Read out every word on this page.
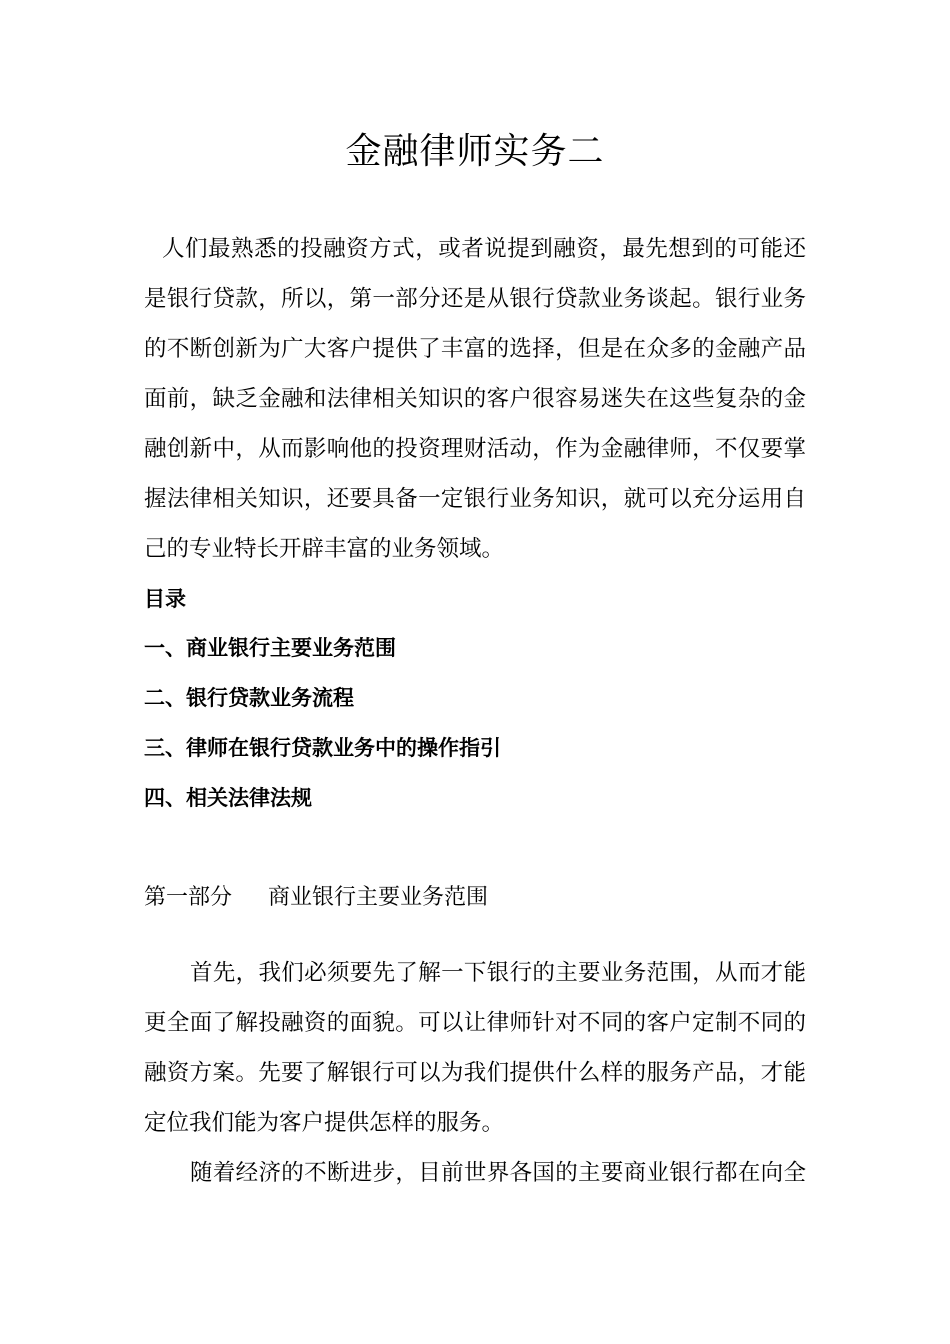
金融律师实务二
人们最熟悉的投融资方式，或者说提到融资，最先想到的可能还
是银行贷款，所以，第一部分还是从银行贷款业务谈起。银行业务
的不断创新为广大客户提供了丰富的选择，但是在众多的金融产品
面前，缺乏金融和法律相关知识的客户很容易迷失在这些复杂的金
融创新中，从而影响他的投资理财活动，作为金融律师，不仅要掌
握法律相关知识，还要具备一定银行业务知识，就可以充分运用自
己的专业特长开辟丰富的业务领域。
目录
一、商业银行主要业务范围
二、银行贷款业务流程
三、律师在银行贷款业务中的操作指引
四、相关法律法规
第一部分 商业银行主要业务范围
首先，我们必须要先了解一下银行的主要业务范围，从而才能
更全面了解投融资的面貌。可以让律师针对不同的客户定制不同的
融资方案。先要了解银行可以为我们提供什么样的服务产品，才能
定位我们能为客户提供怎样的服务。
随着经济的不断进步，目前世界各国的主要商业银行都在向全
